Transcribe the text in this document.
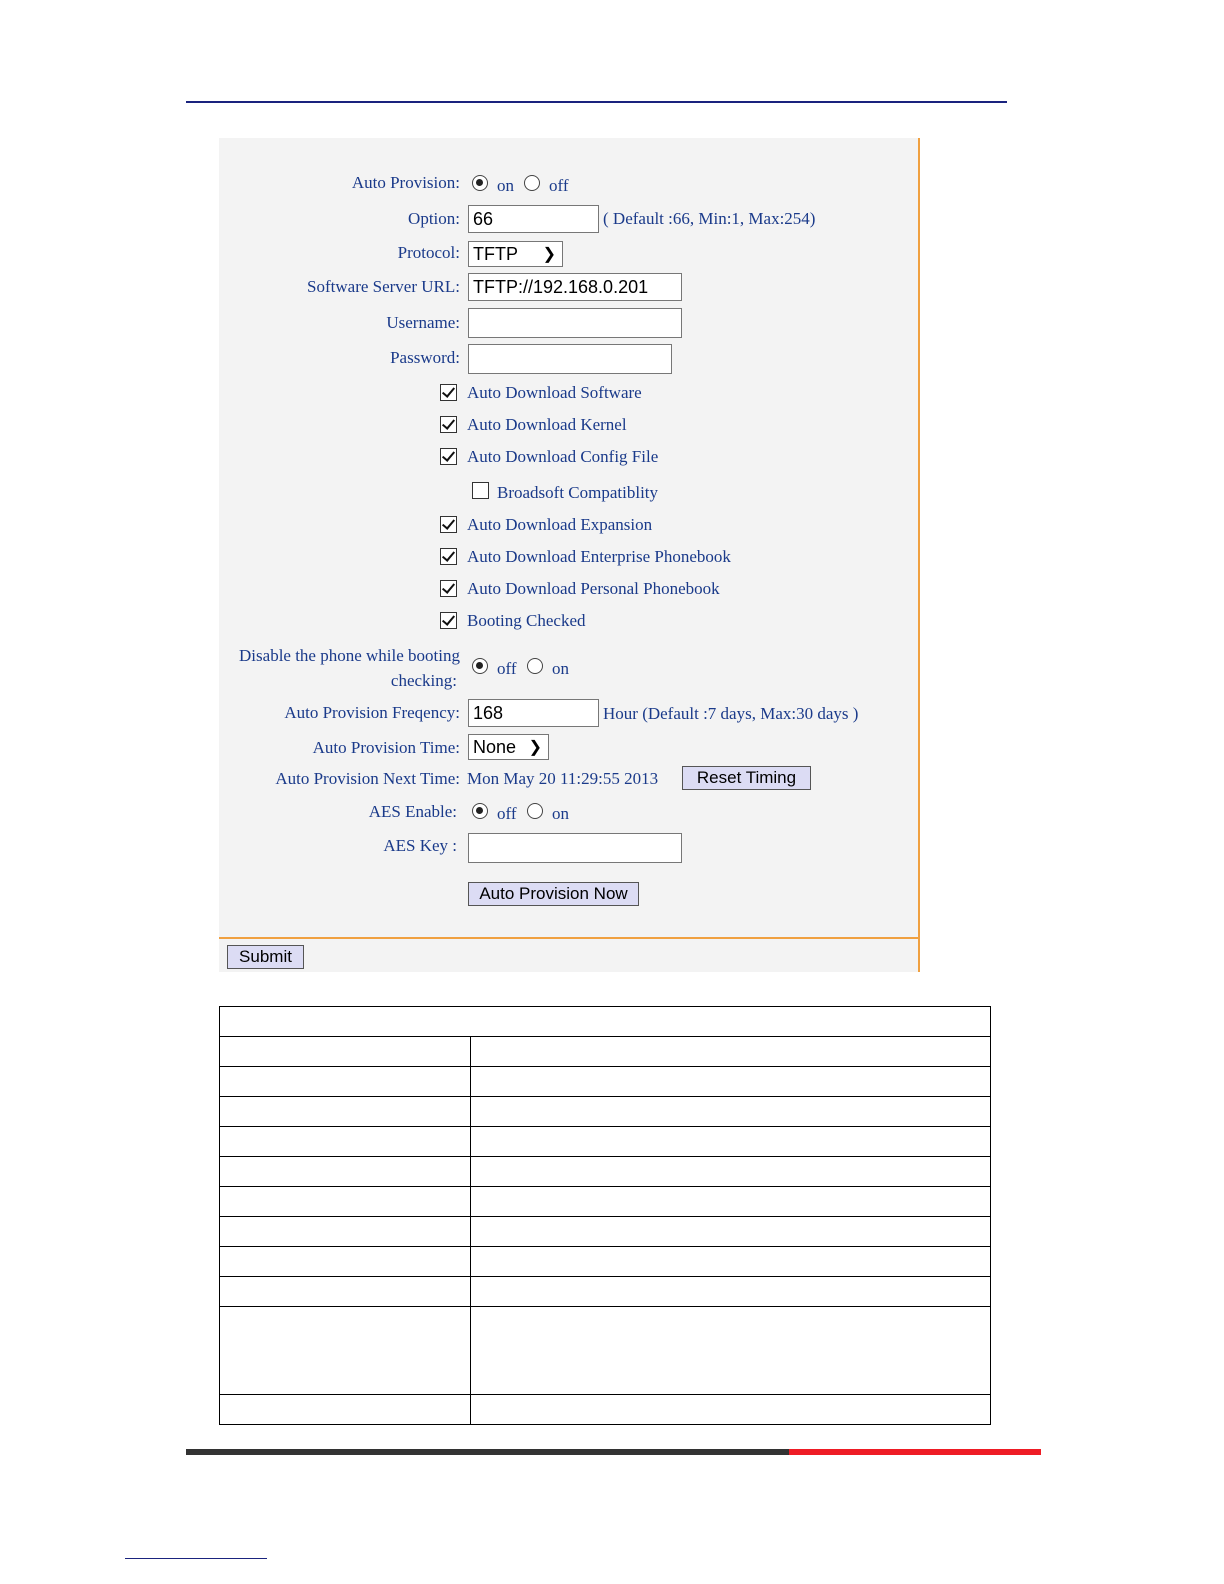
Auto Provision: on off
Option: 66	( Default :66, Min:1, Max:254)
Protocol: TFTP ❯
Software Server URL: TFTP://192.168.0.201
Username:
Password:
Auto Download Software
Auto Download Kernel
Auto Download Config File
Broadsoft Compatiblity
Auto Download Expansion
Auto Download Enterprise Phonebook
Auto Download Personal Phonebook
Booting Checked
Disable the phone while booting
checking:
off on
Auto Provision Freqency: 168	Hour (Default :7 days, Max:30 days )
Auto Provision Time: None ❯
Auto Provision Next Time: Mon May 20 11:29:55 2013	Reset Timing
AES Enable: off on
AES Key :
Auto Provision Now
Submit
